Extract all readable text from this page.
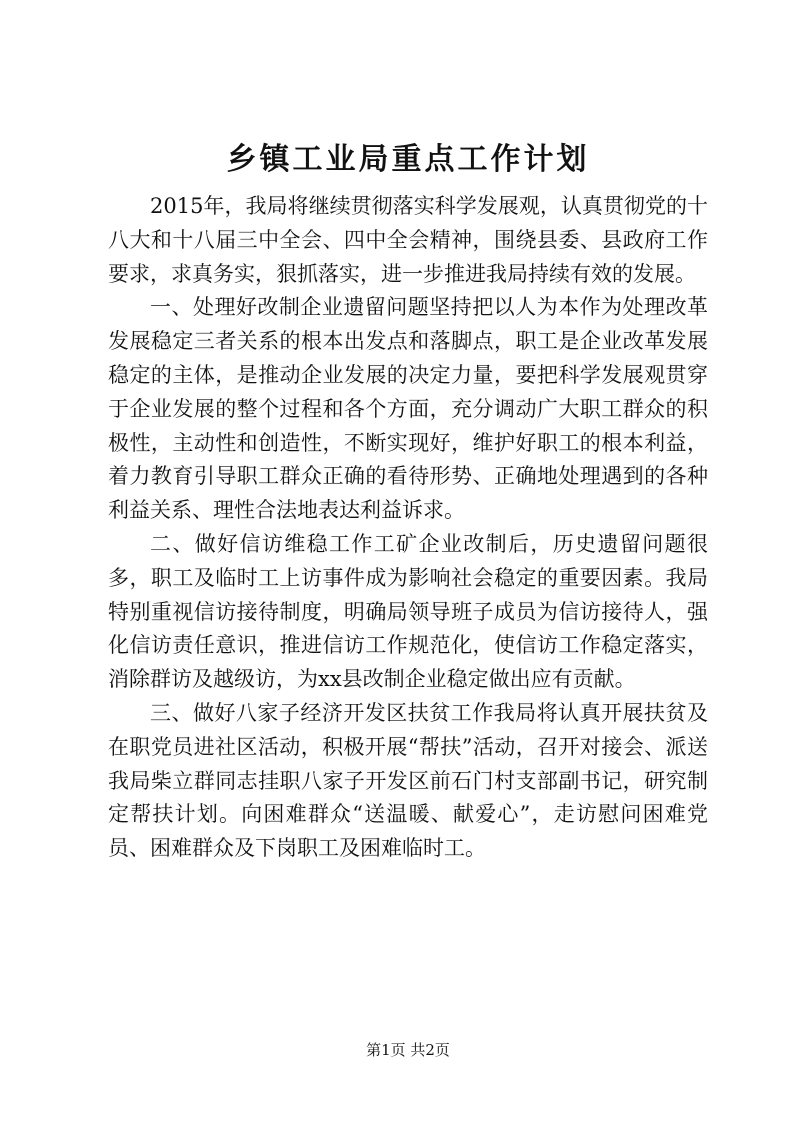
乡镇工业局重点工作计划

2015年，我局将继续贯彻落实科学发展观，认真贯彻党的十八大和十八届三中全会、四中全会精神，围绕县委、县政府工作要求，求真务实，狠抓落实，进一步推进我局持续有效的发展。

一、处理好改制企业遗留问题坚持把以人为本作为处理改革发展稳定三者关系的根本出发点和落脚点，职工是企业改革发展稳定的主体，是推动企业发展的决定力量，要把科学发展观贯穿于企业发展的整个过程和各个方面，充分调动广大职工群众的积极性，主动性和创造性，不断实现好，维护好职工的根本利益，着力教育引导职工群众正确的看待形势、正确地处理遇到的各种利益关系、理性合法地表达利益诉求。

二、做好信访维稳工作工矿企业改制后，历史遗留问题很多，职工及临时工上访事件成为影响社会稳定的重要因素。我局特别重视信访接待制度，明确局领导班子成员为信访接待人，强化信访责任意识，推进信访工作规范化，使信访工作稳定落实，消除群访及越级访，为xx县改制企业稳定做出应有贡献。

三、做好八家子经济开发区扶贫工作我局将认真开展扶贫及在职党员进社区活动，积极开展“帮扶”活动，召开对接会、派送我局柴立群同志挂职八家子开发区前石门村支部副书记，研究制定帮扶计划。向困难群众“送温暖、献爱心”，走访慰问困难党员、困难群众及下岗职工及困难临时工。

第1页 共2页
